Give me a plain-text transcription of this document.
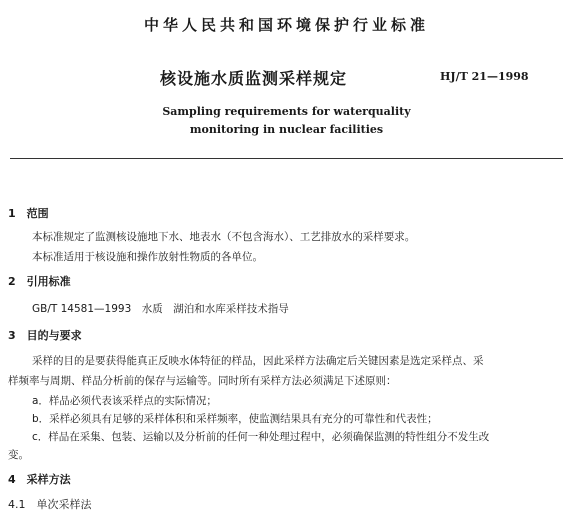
中华人民共和国环境保护行业标准
核设施水质监测采样规定	HJ/T 21—1998
Sampling requirements for waterquality
monitoring in nuclear facilities
1　范围
本标准规定了监测核设施地下水、地表水（不包含海水）、工艺排放水的采样要求。
本标准适用于核设施和操作放射性物质的各单位。
2　引用标准
GB/T 14581—1993　水质　湖泊和水库采样技术指导
3　目的与要求
采样的目的是要获得能真正反映水体特征的样品，因此采样方法确定后关键因素是选定采样点、采
样频率与周期、样品分析前的保存与运输等。同时所有采样方法必须满足下述原则：
a．样品必须代表该采样点的实际情况；
b．采样必须具有足够的采样体积和采样频率，使监测结果具有充分的可靠性和代表性；
c．样品在采集、包装、运输以及分析前的任何一种处理过程中，必须确保监测的特性组分不发生改
变。
4　采样方法
4.1　单次采样法
